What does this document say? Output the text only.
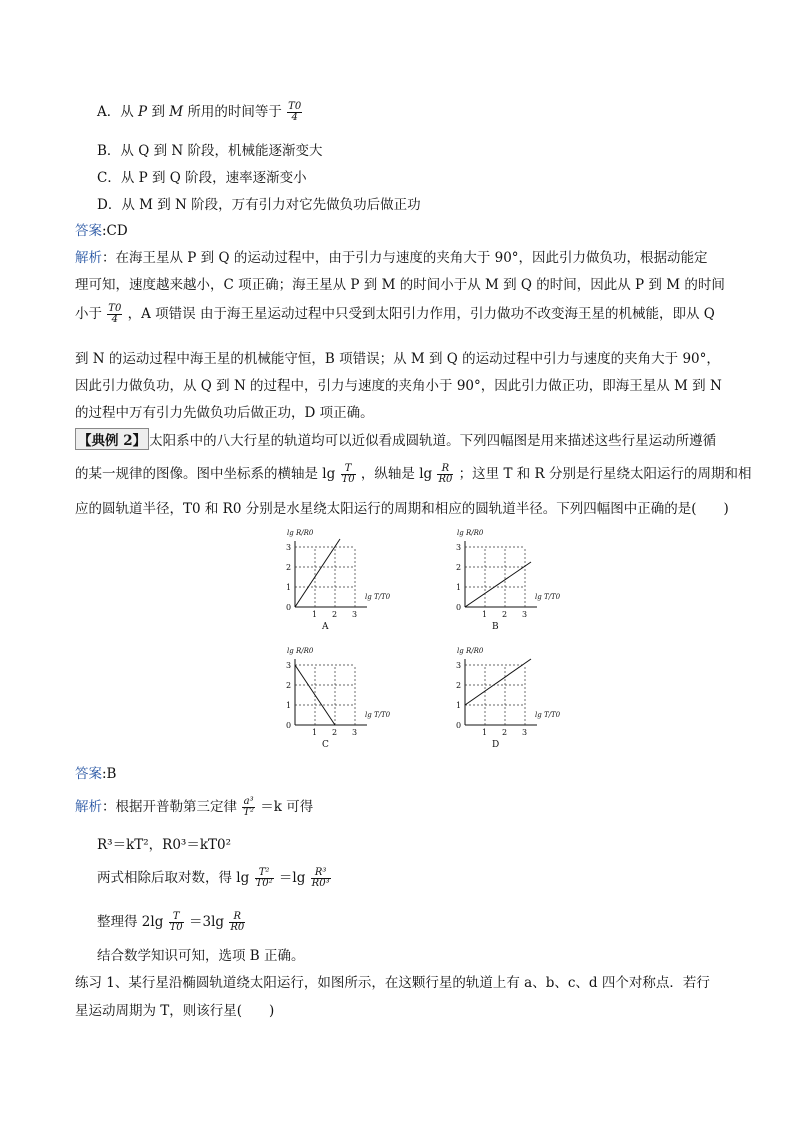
A．从 P 到 M 所用的时间等于 $\frac{T0}{4}$
B．从 Q 到 N 阶段，机械能逐渐变大
C．从 P 到 Q 阶段，速率逐渐变小
D．从 M 到 N 阶段，万有引力对它先做负功后做正功
答案:CD
解析：在海王星从 P 到 Q 的运动过程中，由于引力与速度的夹角大于 90°，因此引力做负功，根据动能定
理可知，速度越来越小，C 项正确；海王星从 P 到 M 的时间小于从 M 到 Q 的时间，因此从 P 到 M 的时间
小于 $\frac{T0}{4}$ ，A 项错误 由于海王星运动过程中只受到太阳引力作用，引力做功不改变海王星的机械能，即从 Q
到 N 的运动过程中海王星的机械能守恒，B 项错误；从 M 到 Q 的运动过程中引力与速度的夹角大于 90°，
因此引力做负功，从 Q 到 N 的过程中，引力与速度的夹角小于 90°，因此引力做正功，即海王星从 M 到 N
的过程中万有引力先做负功后做正功，D 项正确。
【典例 2】 太阳系中的八大行星的轨道均可以近似看成圆轨道。下列四幅图是用来描述这些行星运动所遵循
的某一规律的图像。图中坐标系的横轴是 $\lg \frac{T}{T0}$ ，纵轴是 $\lg \frac{R}{R0}$ ；这里 T 和 R 分别是行星绕太阳运行的周期和相
应的圆轨道半径，T0 和 R0 分别是水星绕太阳运行的周期和相应的圆轨道半径。下列四幅图中正确的是(　　)
lg R/R0
0
1
1
2
2
3
3
lg T/T0
A
lg R/R0
0
1
1
2
2
3
3
lg T/T0
B
lg R/R0
0
1
1
2
2
3
3
lg T/T0
C
lg R/R0
0
1
1
2
2
3
3
lg T/T0
D
答案:B
解析：根据开普勒第三定律 $\frac{\text{a³}}{\text{T²}} =k$ 可得
R³＝kT²，R0³＝kT0²
两式相除后取对数，得 $\lg \frac{\text{T²}}{\text{T0²}} =\lg \frac{\text{R³}}{\text{R0³}}$
整理得 $2\lg \frac{T}{T0} =3\lg \frac{R}{R0}$
结合数学知识可知，选项 B 正确。
练习 1、某行星沿椭圆轨道绕太阳运行，如图所示，在这颗行星的轨道上有 a、b、c、d 四个对称点．若行
星运动周期为 T，则该行星(　　)
